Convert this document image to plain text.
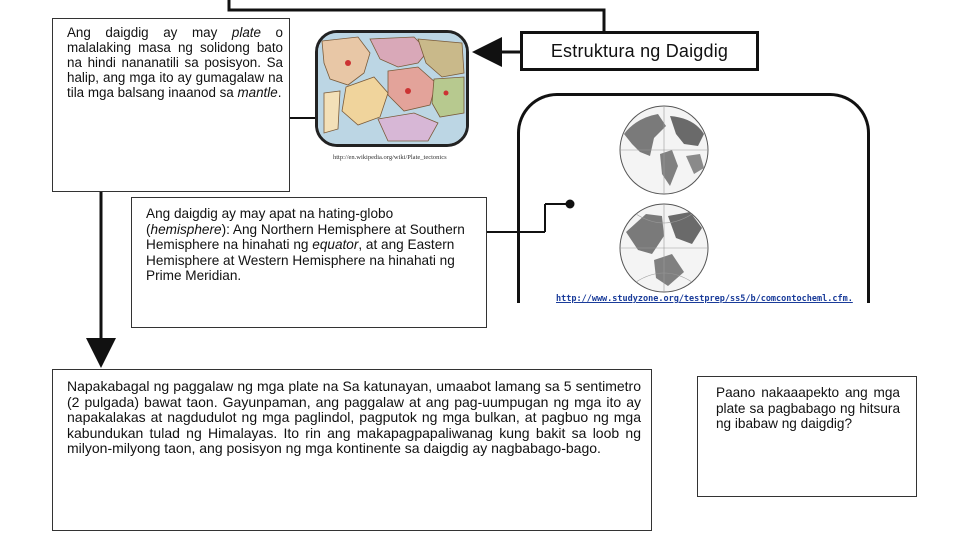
Ang daigdig ay may plate o malalaking masa ng solidong bato na hindi nananatili sa posisyon. Sa halip, ang mga ito ay gumagalaw na tila mga balsang inaanod sa mantle.
http://en.wikipedia.org/wiki/Plate_tectonics
Estruktura ng Daigdig
http://www.studyzone.org/testprep/ss5/b/comcontocheml.cfm.
Ang daigdig ay may apat na hating-globo (hemisphere): Ang Northern Hemisphere at Southern Hemisphere na hinahati ng equator, at ang Eastern Hemisphere at Western Hemisphere na hinahati ng Prime Meridian.
Napakabagal ng paggalaw ng mga plate na Sa katunayan, umaabot lamang sa 5 sentimetro (2 pulgada) bawat taon. Gayunpaman, ang paggalaw at ang pag-uumpugan ng mga ito ay napakalakas at nagdudulot ng mga paglindol, pagputok ng mga bulkan, at pagbuo ng mga kabundukan tulad ng Himalayas. Ito rin ang makapagpapaliwanag kung bakit sa loob ng milyon-milyong taon, ang posisyon ng mga kontinente sa daigdig ay nagbabago-bago.
Paano nakaaapekto ang mga plate sa pagbabago ng hitsura ng ibabaw ng daigdig?
